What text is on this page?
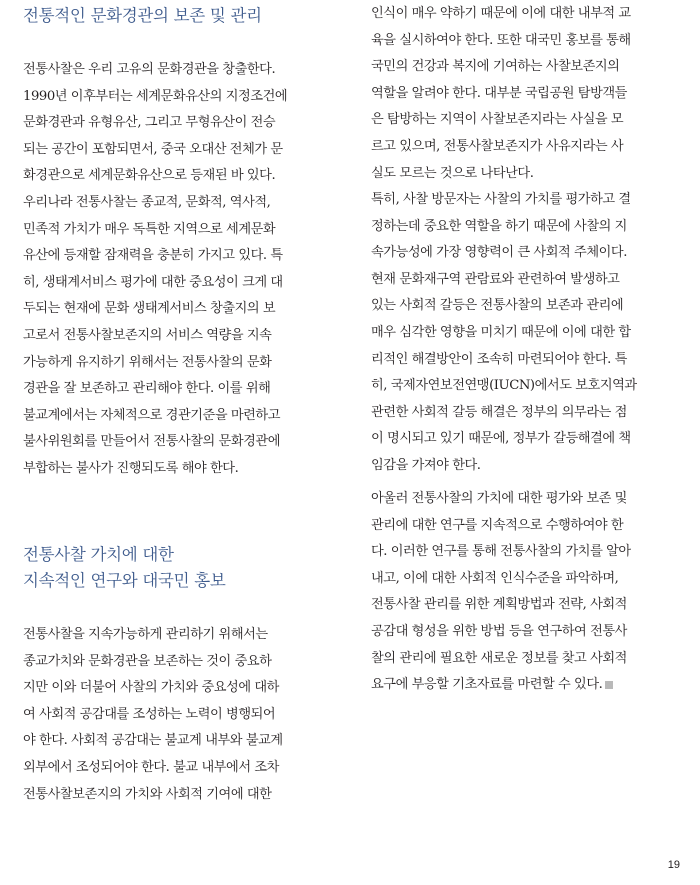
전통적인 문화경관의 보존 및 관리
전통사찰은 우리 고유의 문화경관을 창출한다.
1990년 이후부터는 세계문화유산의 지정조건에
문화경관과 유형유산, 그리고 무형유산이 전승
되는 공간이 포함되면서, 중국 오대산 전체가 문
화경관으로 세계문화유산으로 등재된 바 있다.
우리나라 전통사찰는 종교적, 문화적, 역사적,
민족적 가치가 매우 독특한 지역으로 세계문화
유산에 등재할 잠재력을 충분히 가지고 있다. 특
히, 생태계서비스 평가에 대한 중요성이 크게 대
두되는 현재에 문화 생태계서비스 창출지의 보
고로서 전통사찰보존지의 서비스 역량을 지속
가능하게 유지하기 위해서는 전통사찰의 문화
경관을 잘 보존하고 관리해야 한다. 이를 위해
불교계에서는 자체적으로 경관기준을 마련하고
불사위원회를 만들어서 전통사찰의 문화경관에
부합하는 불사가 진행되도록 해야 한다.
전통사찰 가치에 대한
지속적인 연구와 대국민 홍보
전통사찰을 지속가능하게 관리하기 위해서는
종교가치와 문화경관을 보존하는 것이 중요하
지만 이와 더불어 사찰의 가치와 중요성에 대하
여 사회적 공감대를 조성하는 노력이 병행되어
야 한다. 사회적 공감대는 불교계 내부와 불교계
외부에서 조성되어야 한다. 불교 내부에서 조차
전통사찰보존지의 가치와 사회적 기여에 대한
인식이 매우 약하기 때문에 이에 대한 내부적 교
육을 실시하여야 한다. 또한 대국민 홍보를 통해
국민의 건강과 복지에 기여하는 사찰보존지의
역할을 알려야 한다. 대부분 국립공원 탐방객들
은 탐방하는 지역이 사찰보존지라는 사실을 모
르고 있으며, 전통사찰보존지가 사유지라는 사
실도 모르는 것으로 나타난다.
특히, 사찰 방문자는 사찰의 가치를 평가하고 결
정하는데 중요한 역할을 하기 때문에 사찰의 지
속가능성에 가장 영향력이 큰 사회적 주체이다.
현재 문화재구역 관람료와 관련하여 발생하고
있는 사회적 갈등은 전통사찰의 보존과 관리에
매우 심각한 영향을 미치기 때문에 이에 대한 합
리적인 해결방안이 조속히 마련되어야 한다. 특
히, 국제자연보전연맹(IUCN)에서도 보호지역과
관련한 사회적 갈등 해결은 정부의 의무라는 점
이 명시되고 있기 때문에, 정부가 갈등해결에 책
임감을 가져야 한다.
아울러 전통사찰의 가치에 대한 평가와 보존 및
관리에 대한 연구를 지속적으로 수행하여야 한
다. 이러한 연구를 통해 전통사찰의 가치를 알아
내고, 이에 대한 사회적 인식수준을 파악하며,
전통사찰 관리를 위한 계획방법과 전략, 사회적
공감대 형성을 위한 방법 등을 연구하여 전통사
찰의 관리에 필요한 새로운 정보를 찾고 사회적
요구에 부응할 기초자료를 마련할 수 있다.
19
